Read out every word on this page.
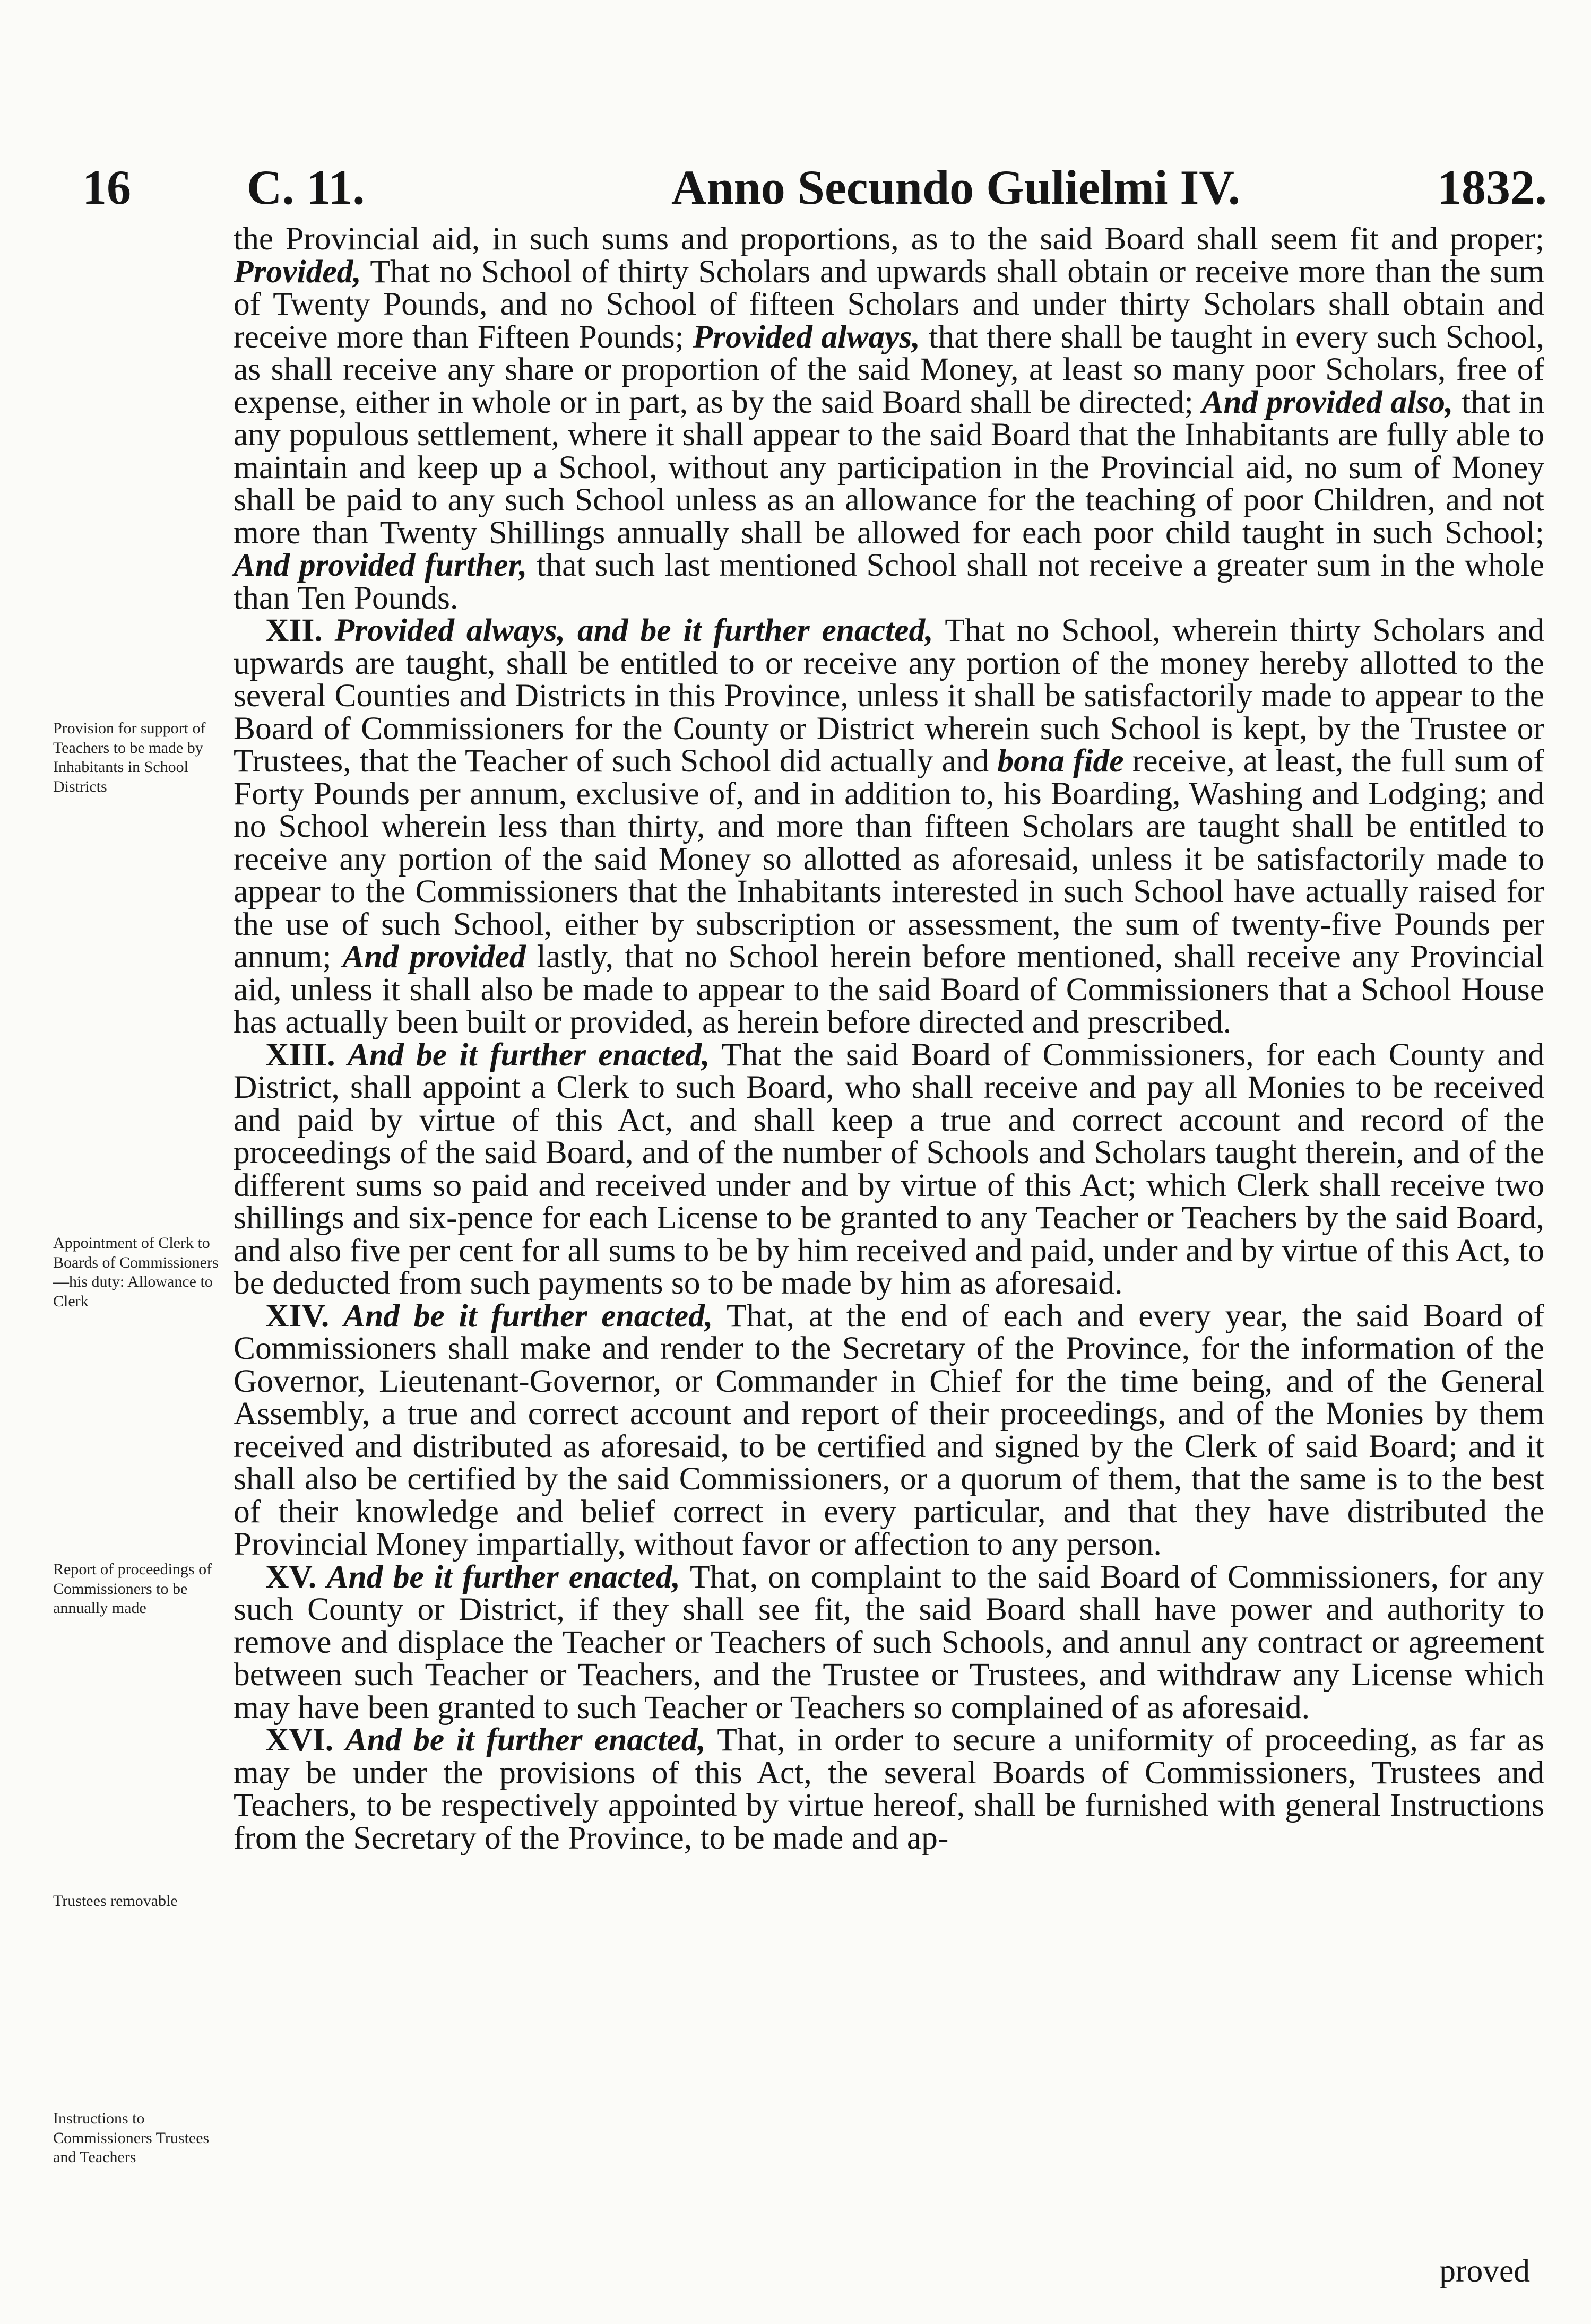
16 C. 11.	Anno Secundo Gulielmi IV.	1832.
Provision for support of Teachers to be made by Inhabitants in School Districts
Appointment of Clerk to Boards of Commissioners—his duty: Allowance to Clerk
Report of proceedings of Commissioners to be annually made
Trustees removable
Instructions to Commissioners Trustees and Teachers

the Provincial aid, in such sums and proportions, as to the said Board shall seem fit and proper; Provided, That no School of thirty Scholars and upwards shall obtain or receive more than the sum of Twenty Pounds, and no School of fifteen Scholars and under thirty Scholars shall obtain and receive more than Fifteen Pounds; Provided always, that there shall be taught in every such School, as shall receive any share or proportion of the said Money, at least so many poor Scholars, free of expense, either in whole or in part, as by the said Board shall be directed; And provided also, that in any populous settlement, where it shall appear to the said Board that the Inhabitants are fully able to maintain and keep up a School, without any participation in the Provincial aid, no sum of Money shall be paid to any such School unless as an allowance for the teaching of poor Children, and not more than Twenty Shillings annually shall be allowed for each poor child taught in such School; And provided further, that such last mentioned School shall not receive a greater sum in the whole than Ten Pounds.

XII. Provided always, and be it further enacted, That no School, wherein thirty Scholars and upwards are taught, shall be entitled to or receive any portion of the money hereby allotted to the several Counties and Districts in this Province, unless it shall be satisfactorily made to appear to the Board of Commissioners for the County or District wherein such School is kept, by the Trustee or Trustees, that the Teacher of such School did actually and bona fide receive, at least, the full sum of Forty Pounds per annum, exclusive of, and in addition to, his Boarding, Washing and Lodging; and no School wherein less than thirty, and more than fifteen Scholars are taught shall be entitled to receive any portion of the said Money so allotted as aforesaid, unless it be satisfactorily made to appear to the Commissioners that the Inhabitants interested in such School have actually raised for the use of such School, either by subscription or assessment, the sum of twenty-five Pounds per annum; And provided lastly, that no School herein before mentioned, shall receive any Provincial aid, unless it shall also be made to appear to the said Board of Commissioners that a School House has actually been built or provided, as herein before directed and prescribed.

XIII. And be it further enacted, That the said Board of Commissioners, for each County and District, shall appoint a Clerk to such Board, who shall receive and pay all Monies to be received and paid by virtue of this Act, and shall keep a true and correct account and record of the proceedings of the said Board, and of the number of Schools and Scholars taught therein, and of the different sums so paid and received under and by virtue of this Act; which Clerk shall receive two shillings and six-pence for each License to be granted to any Teacher or Teachers by the said Board, and also five per cent for all sums to be by him received and paid, under and by virtue of this Act, to be deducted from such payments so to be made by him as aforesaid.

XIV. And be it further enacted, That, at the end of each and every year, the said Board of Commissioners shall make and render to the Secretary of the Province, for the information of the Governor, Lieutenant-Governor, or Commander in Chief for the time being, and of the General Assembly, a true and correct account and report of their proceedings, and of the Monies by them received and distributed as aforesaid, to be certified and signed by the Clerk of said Board; and it shall also be certified by the said Commissioners, or a quorum of them, that the same is to the best of their knowledge and belief correct in every particular, and that they have distributed the Provincial Money impartially, without favor or affection to any person.

XV. And be it further enacted, That, on complaint to the said Board of Commissioners, for any such County or District, if they shall see fit, the said Board shall have power and authority to remove and displace the Teacher or Teachers of such Schools, and annul any contract or agreement between such Teacher or Teachers, and the Trustee or Trustees, and withdraw any License which may have been granted to such Teacher or Teachers so complained of as aforesaid.

XVI. And be it further enacted, That, in order to secure a uniformity of proceeding, as far as may be under the provisions of this Act, the several Boards of Commissioners, Trustees and Teachers, to be respectively appointed by virtue hereof, shall be furnished with general Instructions from the Secretary of the Province, to be made and ap-

proved
